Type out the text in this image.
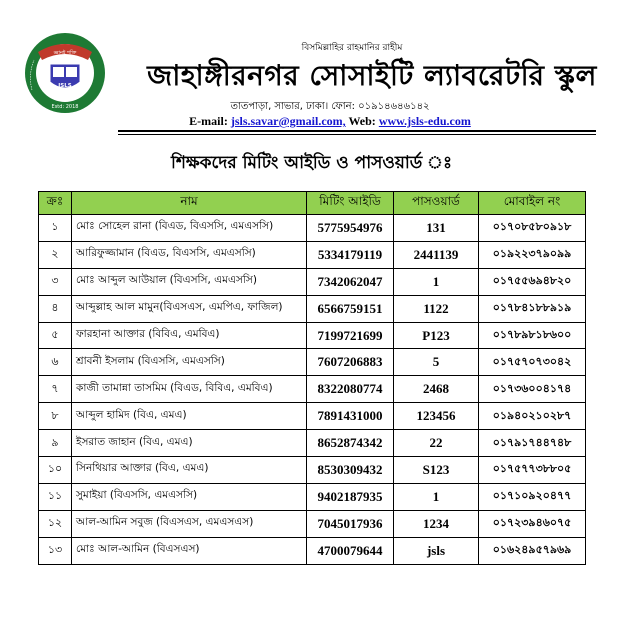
জ্ঞানই শক্তি
JSLS
Estd: 2018
বিসমিল্লাহির রাহমানির রাহীম
জাহাঙ্গীরনগর সোসাইটি ল্যাবরেটরি স্কুল
তাতপাড়া, সাভার, ঢাকা। ফোন: ০১৯১৪৬৪৬১৪২
E-mail: jsls.savar@gmail.com, Web: www.jsls-edu.com
শিক্ষকদের মিটিং আইডি ও পাসওয়ার্ড ঃ
ক্রঃ	নাম	মিটিং আইডি	পাসওয়ার্ড	মোবাইল নং
১	মোঃ সোহেল রানা (বিএড, বিএসসি, এমএসসি)	5775954976	131	০১৭০৮৫৮০৯১৮
২	আরিফুজ্জামান (বিএড, বিএসসি, এমএসসি)	5334179119	2441139	০১৯২২৩৭৯০৯৯
৩	মোঃ আব্দুল আউয়াল (বিএসসি, এমএসসি)	7342062047	1	০১৭৫৫৬৯৪৮২০
৪	আব্দুল্লাহ আল মামুন(বিএসএস, এমপিএ, ফাজিল)	6566759151	1122	০১৭৮৪১৮৮৯১৯
৫	ফারহানা আক্তার (বিবিএ, এমবিএ)	7199721699	P123	০১৭৮৯৮১৮৬০০
৬	শ্রাবনী ইসলাম (বিএসসি, এমএসসি)	7607206883	5	০১৭৫৭০৭৩০৪২
৭	কাজী তামান্না তাসমিম (বিএড, বিবিএ, এমবিএ)	8322080774	2468	০১৭৩৬০০৪১৭৪
৮	আব্দুল হামিদ (বিএ, এমএ)	7891431000	123456	০১৯৪০২১০২৮৭
৯	ইসরাত জাহান (বিএ, এমএ)	8652874342	22	০১৭৯১৭৪৪৭৪৮
১০	সিনথিয়ার আক্তার (বিএ, এমএ)	8530309432	S123	০১৭৫৭৭৩৮৮০৫
১১	সুমাইয়া (বিএসসি, এমএসসি)	9402187935	1	০১৭১০৯২০৪৭৭
১২	আল-আমিন সবুজ (বিএসএস, এমএসএস)	7045017936	1234	০১৭২৩৯৪৬০৭৫
১৩	মোঃ আল-আমিন (বিএসএস)	4700079644	jsls	০১৬২৪৯৫৭৯৬৯
